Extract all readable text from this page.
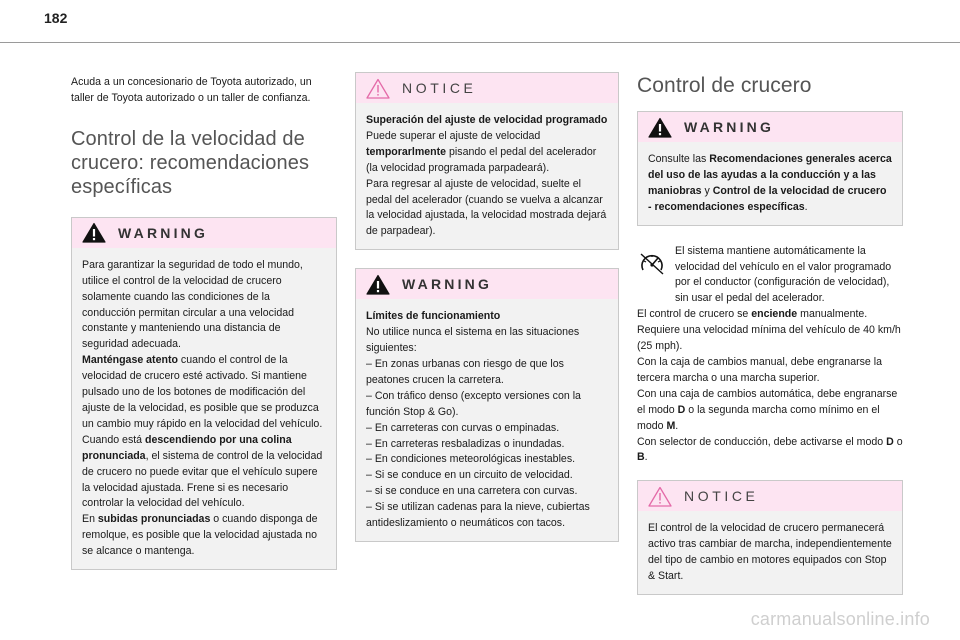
182

Acuda a un concesionario de Toyota autorizado, un taller de Toyota autorizado o un taller de confianza.

Control de la velocidad de crucero: recomendaciones específicas
WARNING

Para garantizar la seguridad de todo el mundo, utilice el control de la velocidad de crucero solamente cuando las condiciones de la conducción permitan circular a una velocidad constante y manteniendo una distancia de seguridad adecuada.

Manténgase atento cuando el control de la velocidad de crucero esté activado. Si mantiene pulsado uno de los botones de modificación del ajuste de la velocidad, es posible que se produzca un cambio muy rápido en la velocidad del vehículo.

Cuando está descendiendo por una colina pronunciada, el sistema de control de la velocidad de crucero no puede evitar que el vehículo supere la velocidad ajustada. Frene si es necesario controlar la velocidad del vehículo.

En subidas pronunciadas o cuando disponga de remolque, es posible que la velocidad ajustada no se alcance o mantenga.

NOTICE

Superación del ajuste de velocidad programado

Puede superar el ajuste de velocidad temporarlmente pisando el pedal del acelerador (la velocidad programada parpadeará).

Para regresar al ajuste de velocidad, suelte el pedal del acelerador (cuando se vuelva a alcanzar la velocidad ajustada, la velocidad mostrada dejará de parpadear).

WARNING

Límites de funcionamiento

No utilice nunca el sistema en las situaciones siguientes:

– En zonas urbanas con riesgo de que los peatones crucen la carretera.

– Con tráfico denso (excepto versiones con la función Stop & Go).

– En carreteras con curvas o empinadas.

– En carreteras resbaladizas o inundadas.

– En condiciones meteorológicas inestables.

– Si se conduce en un circuito de velocidad.

– si se conduce en una carretera con curvas.

– Si se utilizan cadenas para la nieve, cubiertas antideslizamiento o neumáticos con tacos.

Control de crucero
WARNING

Consulte las Recomendaciones generales acerca del uso de las ayudas a la conducción y a las maniobras y Control de la velocidad de crucero - recomendaciones específicas.

El sistema mantiene automáticamente la velocidad del vehículo en el valor programado por el conductor (configuración de velocidad), sin usar el pedal del acelerador.

El control de crucero se enciende manualmente.

Requiere una velocidad mínima del vehículo de 40 km/h (25 mph).

Con la caja de cambios manual, debe engranarse la tercera marcha o una marcha superior.

Con una caja de cambios automática, debe engranarse el modo D o la segunda marcha como mínimo en el modo M.

Con selector de conducción, debe activarse el modo D o B.

NOTICE

El control de la velocidad de crucero permanecerá activo tras cambiar de marcha, independientemente del tipo de cambio en motores equipados con Stop & Start.

carmanualsonline.info
